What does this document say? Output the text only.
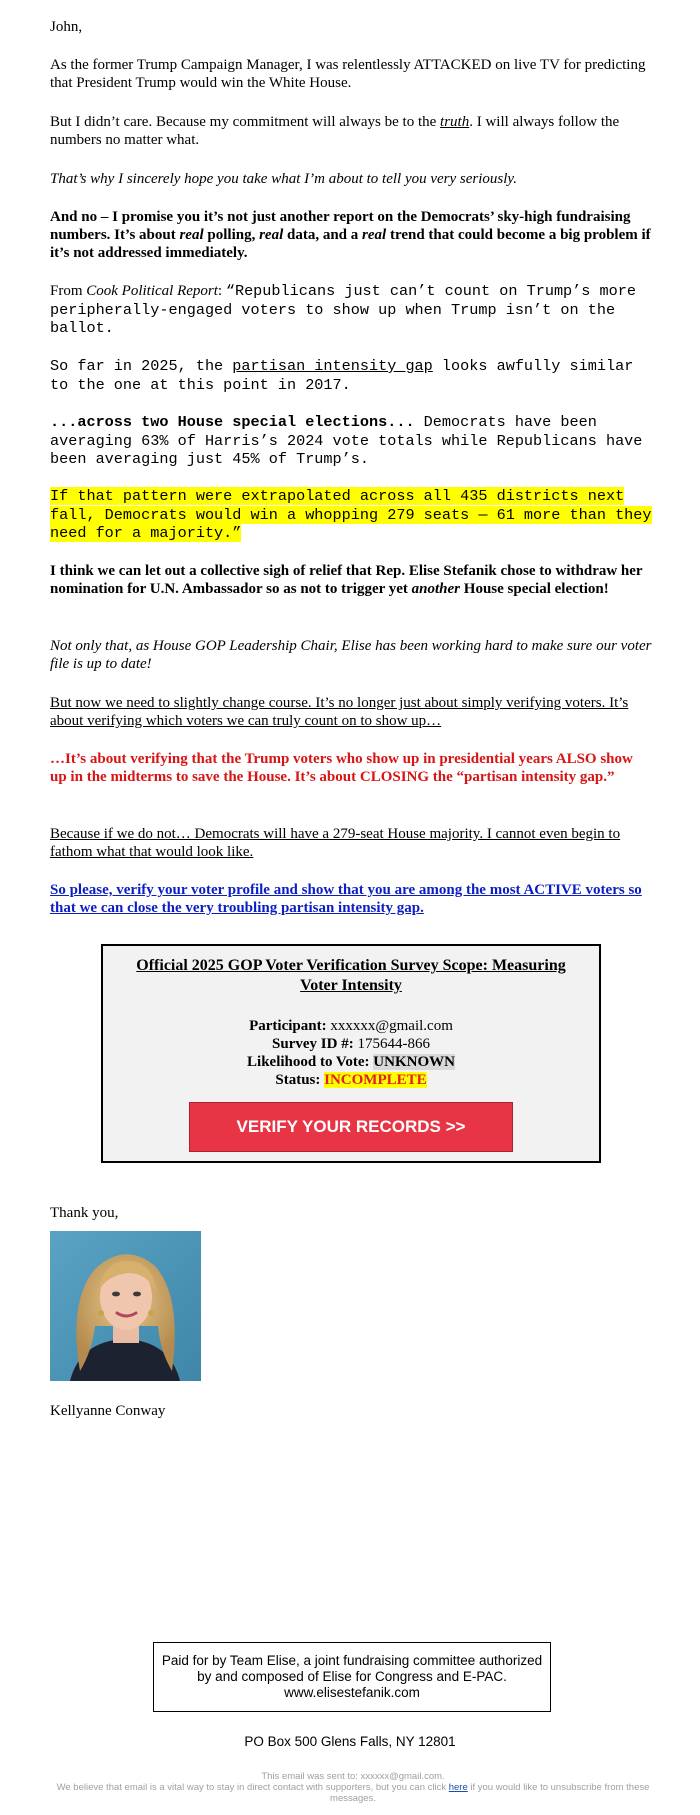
John,

As the former Trump Campaign Manager, I was relentlessly ATTACKED on live TV for predicting that President Trump would win the White House.

But I didn’t care. Because my commitment will always be to the truth. I will always follow the numbers no matter what.

That’s why I sincerely hope you take what I’m about to tell you very seriously.

And no – I promise you it’s not just another report on the Democrats’ sky-high fundraising numbers. It’s about real polling, real data, and a real trend that could become a big problem if it’s not addressed immediately.

From Cook Political Report: “Republicans just can’t count on Trump’s more peripherally-engaged voters to show up when Trump isn’t on the ballot.

So far in 2025, the partisan intensity gap looks awfully similar to the one at this point in 2017.

...across two House special elections... Democrats have been averaging 63% of Harris’s 2024 vote totals while Republicans have been averaging just 45% of Trump’s.

If that pattern were extrapolated across all 435 districts next fall, Democrats would win a whopping 279 seats — 61 more than they need for a majority.”

I think we can let out a collective sigh of relief that Rep. Elise Stefanik chose to withdraw her nomination for U.N. Ambassador so as not to trigger yet another House special election!

Not only that, as House GOP Leadership Chair, Elise has been working hard to make sure our voter file is up to date!

But now we need to slightly change course. It’s no longer just about simply verifying voters. It’s about verifying which voters we can truly count on to show up…

…It’s about verifying that the Trump voters who show up in presidential years ALSO show up in the midterms to save the House. It’s about CLOSING the “partisan intensity gap.”

Because if we do not… Democrats will have a 279-seat House majority. I cannot even begin to fathom what that would look like.

So please, verify your voter profile and show that you are among the most ACTIVE voters so that we can close the very troubling partisan intensity gap.

Official 2025 GOP Voter Verification Survey Scope: Measuring Voter Intensity
Participant: xxxxxx@gmail.com
Survey ID #: 175644-866
Likelihood to Vote: UNKNOWN
Status: INCOMPLETE
VERIFY YOUR RECORDS >>

Thank you,

Kellyanne Conway

Paid for by Team Elise, a joint fundraising committee authorized by and composed of Elise for Congress and E-PAC. www.elisestefanik.com
PO Box 500 Glens Falls, NY 12801
This email was sent to: xxxxxx@gmail.com.
We believe that email is a vital way to stay in direct contact with supporters, but you can click here if you would like to unsubscribe from these messages.
